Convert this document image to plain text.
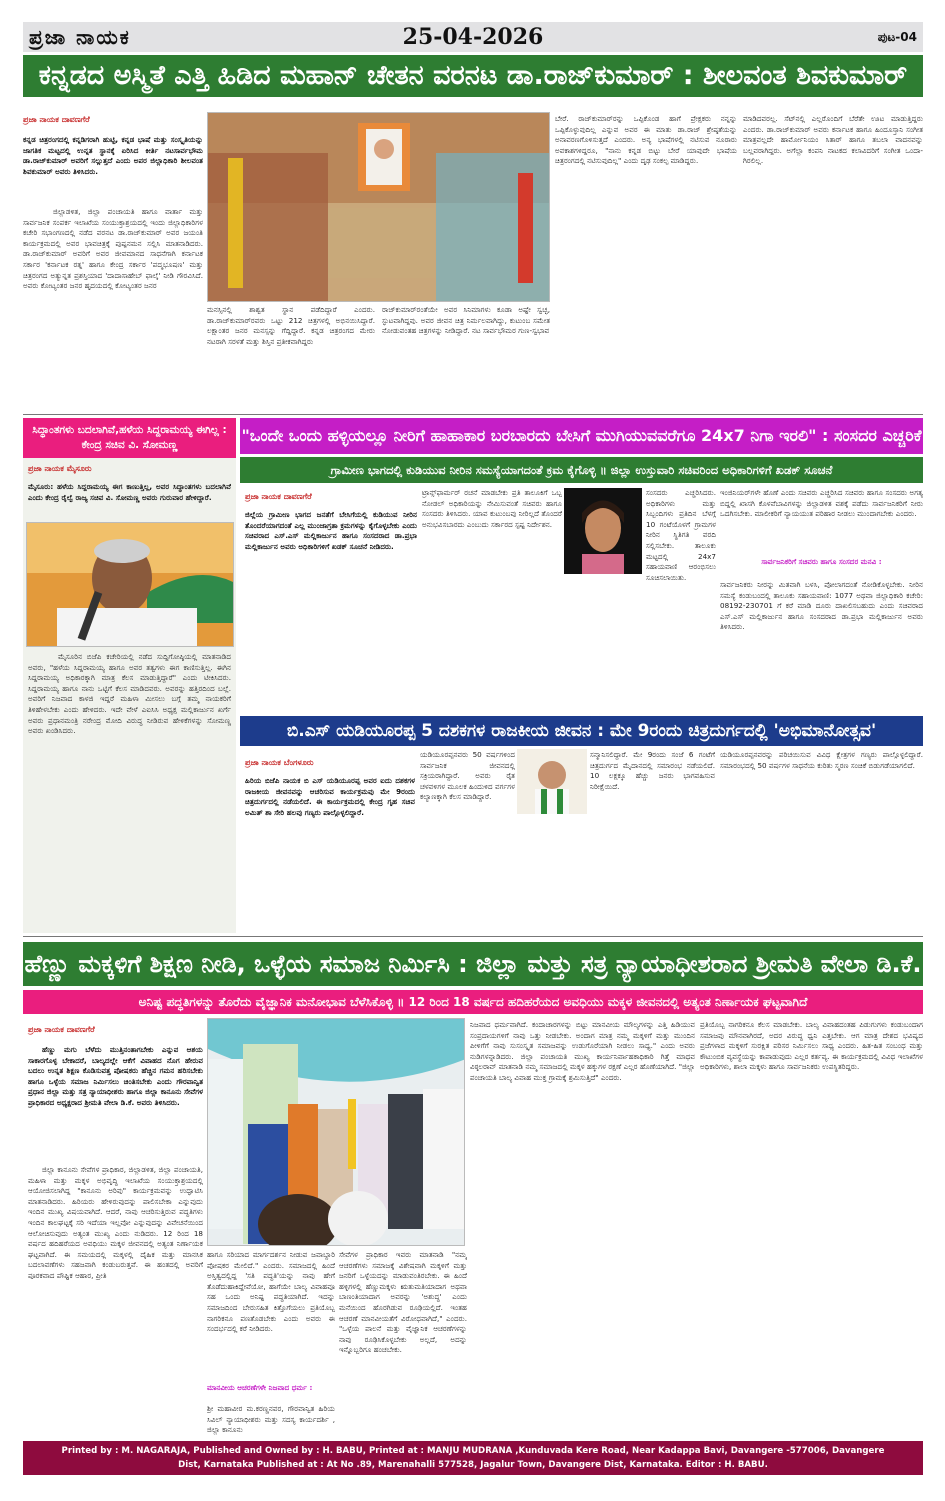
ಪ್ರಜಾ ನಾಯಕ	25-04-2026	ಪುಟ-04
ಕನ್ನಡದ ಅಸ್ಮಿತೆ ಎತ್ತಿ ಹಿಡಿದ ಮಹಾನ್ ಚೇತನ ವರನಟ ಡಾ.ರಾಜ್‌ಕುಮಾರ್ : ಶೀಲವಂತ ಶಿವಕುಮಾರ್
ಪ್ರಜಾ ನಾಯಕ ದಾವಣಗೆರೆ
ಕನ್ನಡ ಚಿತ್ರರಂಗದಲ್ಲಿ ಕನ್ನಡಿಗರಾಗಿ ಹುಟ್ಟಿ, ಕನ್ನಡ ಭಾಷೆ ಮತ್ತು ಸಂಸ್ಕೃತಿಯನ್ನು ಜಾಗತಿಕ ಮಟ್ಟದಲ್ಲಿ ಉನ್ನತ ಸ್ಥಾನಕ್ಕೆ ಏರಿಸಿದ ಕೀರ್ತಿ ನಟಸಾರ್ವಭೌಮ ಡಾ.ರಾಜ್‌ಕುಮಾರ್ ಅವರಿಗೆ ಸಲ್ಲುತ್ತದೆ ಎಂದು ಅಪರ ಜಿಲ್ಲಾಧಿಕಾರಿ ಶೀಲವಂತ ಶಿವಕುಮಾರ್ ಅವರು ತಿಳಿಸಿದರು.
ಜಿಲ್ಲಾಡಳಿತ, ಜಿಲ್ಲಾ ಪಂಚಾಯತಿ ಹಾಗೂ ವಾರ್ತಾ ಮತ್ತು ಸಾರ್ವಜನಿಕ ಸಂಪರ್ಕ ಇಲಾಖೆಯ ಸಂಯುಕ್ತಾಶ್ರಯದಲ್ಲಿ ಇಂದು ಜಿಲ್ಲಾಧಿಕಾರಿಗಳ ಕಚೇರಿ ಸಭಾಂಗಣದಲ್ಲಿ ನಡೆದ ವರನಟ ಡಾ.ರಾಜ್‌ಕುಮಾರ್ ಅವರ ಜಯಂತಿ ಕಾರ್ಯಕ್ರಮದಲ್ಲಿ ಅವರ ಭಾವಚಿತ್ರಕ್ಕೆ ಪುಷ್ಪನಮನ ಸಲ್ಲಿಸಿ ಮಾತನಾಡಿದರು. ಡಾ.ರಾಜ್‌ಕುಮಾರ್ ಅವರಿಗೆ ಅವರ ಜೀವಮಾನದ ಸಾಧನೆಗಾಗಿ ಕರ್ನಾಟಕ ಸರ್ಕಾರ 'ಕರ್ನಾಟಕ ರತ್ನ' ಹಾಗೂ ಕೇಂದ್ರ ಸರ್ಕಾರ 'ಪದ್ಮಭೂಷಣ' ಮತ್ತು ಚಿತ್ರರಂಗದ ಅತ್ಯುನ್ನತ ಪ್ರಶಸ್ತಿಯಾದ 'ದಾದಾಸಾಹೇಬ್ ಫಾಲ್ಕೆ' ನೀಡಿ ಗೌರವಿಸಿದೆ. ಅವರು ಕೋಟ್ಯಂತರ ಜನರ ಹೃದಯದಲ್ಲಿ ಕೋಟ್ಯಂತರ ಜನರ
ಮನಸ್ಸಿನಲ್ಲಿ ಶಾಶ್ವತ ಸ್ಥಾನ ಪಡೆದಿದ್ದಾರೆ ಎಂದರು. ಡಾ.ರಾಜ್‌ಕುಮಾರ್‌ರವರು ಒಟ್ಟು 212 ಚಿತ್ರಗಳಲ್ಲಿ ಅಭಿನಯಿಸಿದ್ದಾರೆ. ಲಕ್ಷಾಂತರ ಜನರ ಮನಸ್ಸನ್ನು ಗೆದ್ದಿದ್ದಾರೆ. ಕನ್ನಡ ಚಿತ್ರರಂಗದ ಮೇರು ನಟರಾಗಿ ಸರಳತೆ ಮತ್ತು ಶಿಸ್ತಿನ ಪ್ರತೀಕವಾಗಿದ್ದರು
ರಾಜ್‌ಕುಮಾರ್‌ರಂತೆಯೇ ಅವರ ಸಿನಿಮಾಗಳು ಕೂಡಾ ಅಷ್ಟೇ ಸ್ವಚ್ಛ, ಸ್ಫುಟವಾಗಿದ್ದವು. ಅವರ ಜೀವನ ಚಿತ್ರ ನಿರ್ಮಲವಾಗಿದ್ದು, ಕುಟುಂಬ ಸಮೇತ ನೋಡುವಂತಹ ಚಿತ್ರಗಳನ್ನು ನೀಡಿದ್ದಾರೆ. ನಟ ಸಾರ್ವಭೌಮರ ಗುಣ-ಸ್ವಭಾವ
ಬೇರೆ. ರಾಜ್‌ಕುಮಾರ್‌ರನ್ನು ಒಪ್ಪಿಕೊಂಡ ಹಾಗೆ ಪ್ರೇಕ್ಷಕರು ನನ್ನನ್ನು ಒಪ್ಪಿಕೊಳ್ಳುವುದಿಲ್ಲ ಎನ್ನುವ ಅವರ ಈ ಮಾತು ಡಾ.ರಾಜ್ ಶ್ರೇಷ್ಠತೆಯನ್ನು ಅನಾವರಣಗೊಳಿಸುತ್ತದೆ ಎಂದರು. ಅನ್ಯ ಭಾಷೆಗಳಲ್ಲಿ ನಟಿಸುವ ನೂರಾರು ಅವಕಾಶಗಳಿದ್ದರೂ, "ನಾನು ಕನ್ನಡ ಬಿಟ್ಟು ಬೇರೆ ಯಾವುದೇ ಭಾಷೆಯ ಚಿತ್ರರಂಗದಲ್ಲಿ ನಟಿಸುವುದಿಲ್ಲ" ಎಂದು ದೃಢ ಸಂಕಲ್ಪ ಮಾಡಿದ್ದರು.
ಮಾಡಿದವರಲ್ಲ. ಸೆಟ್‌ನಲ್ಲಿ ಎಲ್ಲರೊಂದಿಗೆ ಬೆರೆತೇ ಊಟ ಮಾಡುತ್ತಿದ್ದರು ಎಂದರು. ಡಾ.ರಾಜ್‌ಕುಮಾರ್ ಅವರು ಕರ್ನಾಟಕ ಹಾಗೂ ಹಿಂದೂಸ್ತಾನಿ ಸಂಗೀತ ಮಾತ್ರವಲ್ಲದೇ ಹಾರ್ಮೋನಿಯಂ ಸಿತಾರ್ ಹಾಗೂ ತಬಲಾ ವಾದನವನ್ನು ಬಲ್ಲವರಾಗಿದ್ದರು. ಅಗೆಲ್ಲಾ ಕಂಪನಿ ನಾಟಕದ ಕಲಾವಿದರಿಗೆ ಸಂಗೀತ ಒಂದಾ-ಗಿರಲಿಲ್ಲ.
ಸಿದ್ಧಾಂತಗಳು ಬದಲಾಗಿವೆ,ಹಳೆಯ ಸಿದ್ದರಾಮಯ್ಯ ಈಗಿಲ್ಲ : ಕೇಂದ್ರ ಸಚಿವ ವಿ. ಸೋಮಣ್ಣ
ಪ್ರಜಾ ನಾಯಕ ಮೈಸೂರು
ಮೈಸೂರು: ಹಳೆಯ ಸಿದ್ದರಾಮಯ್ಯ ಈಗ ಕಾಣುತ್ತಿಲ್ಲ, ಅವರ ಸಿದ್ಧಾಂತಗಳು ಬದಲಾಗಿವೆ ಎಂದು ಕೇಂದ್ರ ರೈಲ್ವೆ ರಾಜ್ಯ ಸಚಿವ ವಿ. ಸೋಮಣ್ಣ ಅವರು ಗುರುವಾರ ಹೇಳಿದ್ದಾರೆ.
ಮೈಸೂರಿನ ಬಿಜೆಪಿ ಕಚೇರಿಯಲ್ಲಿ ನಡೆದ ಸುದ್ದಿಗೋಷ್ಠಿಯಲ್ಲಿ ಮಾತನಾಡಿದ ಅವರು, "ಹಳೆಯ ಸಿದ್ದರಾಮಯ್ಯ ಹಾಗೂ ಅವರ ತತ್ವಗಳು ಈಗ ಕಾಣಿಸುತ್ತಿಲ್ಲ. ಈಗಿನ ಸಿದ್ದರಾಮಯ್ಯ ಅಧಿಕಾರಕ್ಕಾಗಿ ಮಾತ್ರ ಕೆಲಸ ಮಾಡುತ್ತಿದ್ದಾರೆ" ಎಂದು ಟೀಕಿಸಿದರು. ಸಿದ್ದರಾಮಯ್ಯ ಹಾಗೂ ನಾನು ಒಟ್ಟಿಗೆ ಕೆಲಸ ಮಾಡಿದವರು. ಅವರನ್ನು ಹತ್ತಿರದಿಂದ ಬಲ್ಲೆ. ಅವರಿಗೆ ನಿಜವಾದ ಕಾಳಜಿ ಇದ್ದರೆ ಮಹಿಳಾ ಮೀಸಲು ಬಗ್ಗೆ ತಮ್ಮ ನಾಯಕರಿಗೆ ತಿಳಿಹೇಳಬೇಕು ಎಂದು ಹೇಳಿದರು. ಇದೇ ವೇಳೆ ಎಐಸಿಸಿ ಅಧ್ಯಕ್ಷ ಮಲ್ಲಿಕಾರ್ಜುನ ಖರ್ಗೆ ಅವರು ಪ್ರಧಾನಮಂತ್ರಿ ನರೇಂದ್ರ ಮೋದಿ ವಿರುದ್ಧ ನೀಡಿರುವ ಹೇಳಿಕೆಗಳನ್ನು ಸೋಮಣ್ಣ ಅವರು ಖಂಡಿಸಿದರು.
"ಒಂದೇ ಒಂದು ಹಳ್ಳಿಯಲ್ಲೂ ನೀರಿಗೆ ಹಾಹಾಕಾರ ಬರಬಾರದು ಬೇಸಿಗೆ ಮುಗಿಯುವವರೆಗೂ 24x7 ನಿಗಾ ಇರಲಿ" : ಸಂಸದರ ಎಚ್ಚರಿಕೆ
ಗ್ರಾಮೀಣ ಭಾಗದಲ್ಲಿ ಕುಡಿಯುವ ನೀರಿನ ಸಮಸ್ಯೆಯಾಗದಂತೆ ಕ್ರಮ ಕೈಗೊಳ್ಳಿ ॥ ಜಿಲ್ಲಾ ಉಸ್ತುವಾರಿ ಸಚಿವರಿಂದ ಅಧಿಕಾರಿಗಳಿಗೆ ಖಡಕ್ ಸೂಚನೆ
ಪ್ರಜಾ ನಾಯಕ ದಾವಣಗೆರೆ
ಜಿಲ್ಲೆಯ ಗ್ರಾಮೀಣ ಭಾಗದ ಜನತೆಗೆ ಬೇಸಿಗೆಯಲ್ಲಿ ಕುಡಿಯುವ ನೀರಿನ ತೊಂದರೆಯಾಗದಂತೆ ಎಲ್ಲ ಮುಂಜಾಗ್ರತಾ ಕ್ರಮಗಳನ್ನು ಕೈಗೊಳ್ಳಬೇಕು ಎಂದು ಸಚಿವರಾದ ಎಸ್.ಎಸ್ ಮಲ್ಲಿಕಾರ್ಜುನ ಹಾಗೂ ಸಂಸದರಾದ ಡಾ.ಪ್ರಭಾ ಮಲ್ಲಿಕಾರ್ಜುನ ಅವರು ಅಧಿಕಾರಿಗಳಿಗೆ ಖಡಕ್ ಸೂಚನೆ ನೀಡಿದರು.
ಟ್ರಾನ್ಸ್‌ಫಾರ್ಮರ್ ರಚನೆ ಮಾಡಬೇಕು ಪ್ರತಿ ತಾಲೂಕಿಗೆ ಒಬ್ಬ ನೋಡಲ್ ಅಧಿಕಾರಿಯನ್ನು ನೇಮಿಸುವಂತೆ ಸಚಿವರು ಹಾಗೂ ಸಂಸದರು ತಿಳಿಸಿದರು. ಯಾವ ಕುಟುಂಬವು ನೀರಿಲ್ಲದೆ ತೊಂದರೆ ಅನುಭವಿಸಬಾರದು ಎಂಬುದು ಸರ್ಕಾರದ ಸ್ಪಷ್ಟ ನಿರ್ದೇಶನ.
ಸಂಸದರು ಎಚ್ಚರಿಸಿದರು. ಅಧಿಕಾರಿಗಳು ಮತ್ತು ಸಿಬ್ಬಂದಿಗಳು ಪ್ರತಿದಿನ ಬೆಳಗ್ಗೆ 10 ಗಂಟೆಯೊಳಗೆ ಗ್ರಾಮಗಳ ನೀರಿನ ಸ್ಥಿತಿಗತಿ ವರದಿ ಸಲ್ಲಿಸಬೇಕು. ತಾಲೂಕು ಮಟ್ಟದಲ್ಲಿ 24x7 ಸಹಾಯವಾಣಿ ಆರಂಭಿಸಲು ಸೂಚಿಸಲಾಯಿತು.
ಇಂಜಿನಿಯರ್‌ಗಳೇ ಹೊಣೆ ಎಂದು ಸಚಿವರು ಎಚ್ಚರಿಸಿದ ಸಚಿವರು ಹಾಗೂ ಸಂಸದರು ಅಗತ್ಯ ಬಿದ್ದಲ್ಲಿ ಖಾಸಗಿ ಕೊಳವೆಬಾವಿಗಳನ್ನು ಜಿಲ್ಲಾಡಳಿತ ವಶಕ್ಕೆ ಪಡೆದು ಸಾರ್ವಜನಿಕರಿಗೆ ನೀರು ಒದಗಿಸಬೇಕು. ಮಾಲೀಕರಿಗೆ ನ್ಯಾಯಯುತ ಪರಿಹಾರ ನೀಡಲು ಮುಂದಾಗಬೇಕು ಎಂದರು.
ಸಾರ್ವಜನಿಕರಿಗೆ ಸಚಿವರು ಹಾಗೂ ಸಂಸದರ ಮನವಿ :
ಸಾರ್ವಜನಿಕರು ನೀರನ್ನು ಮಿತವಾಗಿ ಬಳಸಿ, ಪೋಲಾಗದಂತೆ ನೋಡಿಕೊಳ್ಳಬೇಕು. ನೀರಿನ ಸಮಸ್ಯೆ ಕಂಡುಬಂದಲ್ಲಿ ತಾಲೂಕು ಸಹಾಯವಾಣಿ: 1077 ಅಥವಾ ಜಿಲ್ಲಾಧಿಕಾರಿ ಕಚೇರಿ: 08192-230701 ಗೆ ಕರೆ ಮಾಡಿ ದೂರು ದಾಖಲಿಸಬಹುದು ಎಂದು ಸಚಿವರಾದ ಎಸ್.ಎಸ್ ಮಲ್ಲಿಕಾರ್ಜುನ ಹಾಗೂ ಸಂಸದರಾದ ಡಾ.ಪ್ರಭಾ ಮಲ್ಲಿಕಾರ್ಜುನ ಅವರು ತಿಳಿಸಿದರು.
ಬಿ.ಎಸ್ ಯಡಿಯೂರಪ್ಪ 5 ದಶಕಗಳ ರಾಜಕೀಯ ಜೀವನ : ಮೇ 9ರಂದು ಚಿತ್ರದುರ್ಗದಲ್ಲಿ 'ಅಭಿಮಾನೋತ್ಸವ'
ಪ್ರಜಾ ನಾಯಕ ಬೆಂಗಳೂರು
ಹಿರಿಯ ಬಿಜೆಪಿ ನಾಯಕ ಬಿ ಎಸ್ ಯಡಿಯೂರಪ್ಪ ಅವರ ಐದು ದಶಕಗಳ ರಾಜಕೀಯ ಜೀವನವನ್ನು ಆಚರಿಸುವ ಕಾರ್ಯಕ್ರಮವು ಮೇ 9ರಂದು ಚಿತ್ರದುರ್ಗದಲ್ಲಿ ನಡೆಯಲಿದೆ. ಈ ಕಾರ್ಯಕ್ರಮದಲ್ಲಿ ಕೇಂದ್ರ ಗೃಹ ಸಚಿವ ಅಮಿತ್ ಶಾ ಸೇರಿ ಹಲವು ಗಣ್ಯರು ಪಾಲ್ಗೊಳ್ಳಲಿದ್ದಾರೆ.
ಯಡಿಯೂರಪ್ಪನವರು 50 ವರ್ಷಗಳಿಂದ ಸಾರ್ವಜನಿಕ ಜೀವನದಲ್ಲಿ ಸಕ್ರಿಯರಾಗಿದ್ದಾರೆ. ಅವರು ರೈತ ಚಳವಳಿಗಳ ಮೂಲಕ ಹಿಂದುಳಿದ ವರ್ಗಗಳ ಕಲ್ಯಾಣಕ್ಕಾಗಿ ಕೆಲಸ ಮಾಡಿದ್ದಾರೆ.
ಸನ್ಮಾನಿಸಲಿದ್ದಾರೆ. ಮೇ 9ರಂದು ಸಂಜೆ 6 ಗಂಟೆಗೆ ಚಿತ್ರದುರ್ಗದ ಮೈದಾನದಲ್ಲಿ ಸಮಾರಂಭ ನಡೆಯಲಿದೆ. 10 ಲಕ್ಷಕ್ಕೂ ಹೆಚ್ಚು ಜನರು ಭಾಗವಹಿಸುವ ನಿರೀಕ್ಷೆಯಿದೆ.
ಯಡಿಯೂರಪ್ಪನವರನ್ನು ಪರಿಚಯಿಸುವ ವಿವಿಧ ಕ್ಷೇತ್ರಗಳ ಗಣ್ಯರು ಪಾಲ್ಗೊಳ್ಳಲಿದ್ದಾರೆ. ಸಮಾರಂಭದಲ್ಲಿ 50 ವರ್ಷಗಳ ಸಾಧನೆಯ ಕುರಿತು ಸ್ಮರಣ ಸಂಚಿಕೆ ಬಿಡುಗಡೆಯಾಗಲಿದೆ.
ಹೆಣ್ಣು ಮಕ್ಕಳಿಗೆ ಶಿಕ್ಷಣ ನೀಡಿ, ಒಳ್ಳೆಯ ಸಮಾಜ ನಿರ್ಮಿಸಿ : ಜಿಲ್ಲಾ ಮತ್ತು ಸತ್ರ ನ್ಯಾಯಾಧೀಶರಾದ ಶ್ರೀಮತಿ ವೇಲಾ ಡಿ.ಕೆ.
ಅನಿಷ್ಟ ಪದ್ಧತಿಗಳನ್ನು ತೊರೆದು ವೈಜ್ಞಾನಿಕ ಮನೋಭಾವ ಬೆಳೆಸಿಕೊಳ್ಳಿ ॥ 12 ರಿಂದ 18 ವರ್ಷದ ಹದಿಹರೆಯದ ಅವಧಿಯು ಮಕ್ಕಳ ಜೀವನದಲ್ಲಿ ಅತ್ಯಂತ ನಿರ್ಣಾಯಕ ಘಟ್ಟವಾಗಿದೆ
ಪ್ರಜಾ ನಾಯಕ ದಾವಣಗೆರೆ
ಹೆಣ್ಣು ಮಗು ಬೆಳೆದು ಮುತ್ತಿನಂತಾಗಬೇಕು ಎನ್ನುವ ಆಶಯ ಸಾಕಾರಗೊಳ್ಳ ಬೇಕಾದರೆ, ಬಾಲ್ಯದಲ್ಲೇ ಆಕೆಗೆ ವಿವಾಹದ ನೊಗ ಹೇರುವ ಬದಲು ಉನ್ನತ ಶಿಕ್ಷಣ ಕೊಡಿಸುವತ್ತ ಪೋಷಕರು ಹೆಚ್ಚಿನ ಗಮನ ಹರಿಸಬೇಕು ಹಾಗೂ ಒಳ್ಳೆಯ ಸಮಾಜ ನಿರ್ಮಿಸಲು ಚಿಂತಿಸಬೇಕು ಎಂದು ಗೌರವಾನ್ವಿತ ಪ್ರಧಾನ ಜಿಲ್ಲಾ ಮತ್ತು ಸತ್ರ ನ್ಯಾಯಾಧೀಶರು ಹಾಗೂ ಜಿಲ್ಲಾ ಕಾನೂನು ಸೇವೆಗಳ ಪ್ರಾಧಿಕಾರದ ಅಧ್ಯಕ್ಷರಾದ ಶ್ರೀಮತಿ ವೇಲಾ ಡಿ.ಕೆ. ಅವರು ತಿಳಿಸಿದರು.
ಜಿಲ್ಲಾ ಕಾನೂನು ಸೇವೆಗಳ ಪ್ರಾಧಿಕಾರ, ಜಿಲ್ಲಾಡಳಿತ, ಜಿಲ್ಲಾ ಪಂಚಾಯತಿ, ಮಹಿಳಾ ಮತ್ತು ಮಕ್ಕಳ ಅಭಿವೃದ್ಧಿ ಇಲಾಖೆಯ ಸಂಯುಕ್ತಾಶ್ರಯದಲ್ಲಿ ಆಯೋಜಿಸಲಾಗಿದ್ದ "ಕಾನೂನು ಅರಿವು" ಕಾರ್ಯಕ್ರಮವನ್ನು ಉದ್ಘಾಟಿಸಿ ಮಾತನಾಡಿದರು. ಹಿರಿಯರು ಹೇಳಿರುವುದನ್ನು ಪಾಲಿಸಬೇಕಾ ಎನ್ನುವುದು ಇಂದಿನ ಮುಖ್ಯ ವಿಷಯವಾಗಿದೆ. ಆದರೆ, ನಾವು ಆಚರಿಸುತ್ತಿರುವ ಪದ್ಧತಿಗಳು ಇಂದಿನ ಕಾಲಘಟ್ಟಕ್ಕೆ ಸರಿ ಇದೆಯಾ ಇಲ್ಲವೋ ಎನ್ನುವುದನ್ನು ವಿವೇಚನೆಯಿಂದ ಆಲೋಚಿಸುವುದು ಅತ್ಯಂತ ಮುಖ್ಯ ಎಂದು ನುಡಿದರು. 12 ರಿಂದ 18 ವರ್ಷದ ಹದಿಹರೆಯದ ಅವಧಿಯು ಮಕ್ಕಳ ಜೀವನದಲ್ಲಿ ಅತ್ಯಂತ ನಿರ್ಣಾಯಕ ಘಟ್ಟವಾಗಿದೆ. ಈ ಸಮಯದಲ್ಲಿ ಮಕ್ಕಳಲ್ಲಿ ದೈಹಿಕ ಮತ್ತು ಮಾನಸಿಕ ಬದಲಾವಣೆಗಳು ಸಹಜವಾಗಿ ಕಂಡುಬರುತ್ತವೆ. ಈ ಹಂತದಲ್ಲಿ ಅವರಿಗೆ ಪೂರಕವಾದ ಪೌಷ್ಟಿಕ ಆಹಾರ, ಪ್ರೀತಿ
ಹಾಗೂ ಸರಿಯಾದ ಮಾರ್ಗದರ್ಶನ ನೀಡುವ ಜವಾಬ್ದಾರಿ ಪೋಷಕರ ಮೇಲಿದೆ." ಎಂದರು. ಸಮಾಜದಲ್ಲಿ ಹಿಂದೆ ಅಸ್ತಿತ್ವದಲ್ಲಿದ್ದ 'ಸತಿ ಪದ್ಧತಿ'ಯನ್ನು ನಾವು ಹೇಗೆ ತೊಡೆದುಹಾಕಿದ್ದೇವೆಯೋ, ಹಾಗೆಯೇ ಬಾಲ್ಯ ವಿವಾಹವೂ ಸಹ ಒಂದು ಅನಿಷ್ಟ ಪದ್ಧತಿಯಾಗಿದೆ. ಇದನ್ನು ಸಮಾಜದಿಂದ ಬೇರುಸಹಿತ ಕಿತ್ತೊಗೆಯಲು ಪ್ರತಿಯೊಬ್ಬ ನಾಗರಿಕನೂ ಪಣತೊಡಬೇಕು ಎಂದು ಅವರು ಈ ಸಂದರ್ಭದಲ್ಲಿ ಕರೆ ನೀಡಿದರು.
ಮಾನವೀಯ ಆಚರಣೆಗಳೇ ನಿಜವಾದ ಧರ್ಮ :
ಶ್ರೀ ಮಹಾವೀರ ಮ.ಕರಣ್ಣನವರ, ಗೌರವಾನ್ವಿತ ಹಿರಿಯ ಸಿವಿಲ್ ನ್ಯಾಯಾಧೀಶರು ಮತ್ತು ಸದಸ್ಯ ಕಾರ್ಯದರ್ಶಿ , ಜಿಲ್ಲಾ ಕಾನೂನು
ಸೇವೆಗಳ ಪ್ರಾಧಿಕಾರ ಇವರು ಮಾತನಾಡಿ "ನಮ್ಮ ಆಚರಣೆಗಳು ಸಮಾಜಕ್ಕೆ ವಿಶೇಷವಾಗಿ ಮಕ್ಕಳಿಗೆ ಮತ್ತು ಜನರಿಗೆ ಒಳ್ಳೆಯದನ್ನು ಮಾಡುವಂತಿರಬೇಕು. ಈ ಹಿಂದೆ ಹಳ್ಳಿಗಳಲ್ಲಿ ಹೆಣ್ಣುಮಕ್ಕಳು ಋತುಮತಿಯಾದಾಗ ಅಥವಾ ಬಾಣಂತಿಯಾದಾಗ ಅವರನ್ನು 'ಅಶುದ್ಧ' ಎಂದು ಮನೆಯಿಂದ ಹೊರಗಿಡುವ ರೂಢಿಯಲ್ಲಿದೆ. ಇಂತಹ ಆಚರಣೆ ಮಾನವೀಯತೆಗೆ ವಿರೋಧವಾಗಿದೆ," ಎಂದರು. "ಒಳ್ಳೆಯ ಪಾಲನೆ ಮತ್ತು ವೈಜ್ಞಾನಿಕ ಆಚರಣೆಗಳನ್ನು ನಾವು ರೂಢಿಸಿಕೊಳ್ಳಬೇಕು ಅಲ್ಲದೆ, ಅದನ್ನು ಇನ್ನೊಬ್ಬರಿಗೂ ಹಂಚಬೇಕು.
ನಿಜವಾದ ಧರ್ಮವಾಗಿದೆ. ಕಂದಾಚಾರಗಳನ್ನು ಬಿಟ್ಟು ಮಾನವೀಯ ಮೌಲ್ಯಗಳನ್ನು ಎತ್ತಿ ಹಿಡಿಯುವ ಸಂಪ್ರದಾಯಗಳಿಗೆ ನಾವು ಒತ್ತು ನೀಡಬೇಕು. ಅಂದಾಗ ಮಾತ್ರ ನಮ್ಮ ಮಕ್ಕಳಿಗೆ ಮತ್ತು ಮುಂದಿನ ಪೀಳಿಗೆಗೆ ನಾವು ಸುಸಂಸ್ಕೃತ ಸಮಾಜವನ್ನು ಉಡುಗೊರೆಯಾಗಿ ನೀಡಲು ಸಾಧ್ಯ." ಎಂದು ಅವರು ನುಡಿಗಳನ್ನಾಡಿದರು. ಜಿಲ್ಲಾ ಪಂಚಾಯತಿ ಮುಖ್ಯ ಕಾರ್ಯನಿರ್ವಾಹಕಾಧಿಕಾರಿ ಗಿತ್ತೆ ಮಾಧವ ವಿಠ್ಠಲರಾವ್ ಮಾತನಾಡಿ ನಮ್ಮ ಸಮಾಜದಲ್ಲಿ ಮಕ್ಕಳ ಹಕ್ಕುಗಳ ರಕ್ಷಣೆ ಎಲ್ಲರ ಹೊಣೆಯಾಗಿದೆ. "ಜಿಲ್ಲಾ ಪಂಚಾಯತಿ ಬಾಲ್ಯ ವಿವಾಹ ಮುಕ್ತ ಗ್ರಾಮಕ್ಕೆ ಶ್ರಮಿಸುತ್ತಿದೆ" ಎಂದರು.
ಪ್ರತಿಯೊಬ್ಬ ನಾಗರಿಕನೂ ಕೆಲಸ ಮಾಡಬೇಕು. ಬಾಲ್ಯ ವಿವಾಹದಂತಹ ಪಿಡುಗುಗಳು ಕಂಡುಬಂದಾಗ ಸಮಾಜವು ಮೌನವಾಗಿರದೆ, ಅದರ ವಿರುದ್ಧ ಧ್ವನಿ ಎತ್ತಬೇಕು. ಆಗ ಮಾತ್ರ ದೇಶದ ಭವಿಷ್ಯದ ಪ್ರಜೆಗಳಾದ ಮಕ್ಕಳಿಗೆ ಸುರಕ್ಷಿತ ಪರಿಸರ ನಿರ್ಮಿಸಲು ಸಾಧ್ಯ ಎಂದರು. ಹಿತ-ಹಿತ ಸಂಬಂಧ ಮತ್ತು ಕೌಟುಂಬಿಕ ವ್ಯವಸ್ಥೆಯನ್ನು ಕಾಪಾಡುವುದು ಎಲ್ಲರ ಕರ್ತವ್ಯ. ಈ ಕಾರ್ಯಕ್ರಮದಲ್ಲಿ ವಿವಿಧ ಇಲಾಖೆಗಳ ಅಧಿಕಾರಿಗಳು, ಶಾಲಾ ಮಕ್ಕಳು ಹಾಗೂ ಸಾರ್ವಜನಿಕರು ಉಪಸ್ಥಿತರಿದ್ದರು.
Printed by : M. NAGARAJA, Published and Owned by : H. BABU, Printed at : MANJU MUDRANA ,Kunduvada Kere Road, Near Kadappa Bavi, Davangere -577006, Davangere
Dist, Karnataka Published at : At No .89, Marenahalli 577528, Jagalur Town, Davangere Dist, Karnataka. Editor : H. BABU.
